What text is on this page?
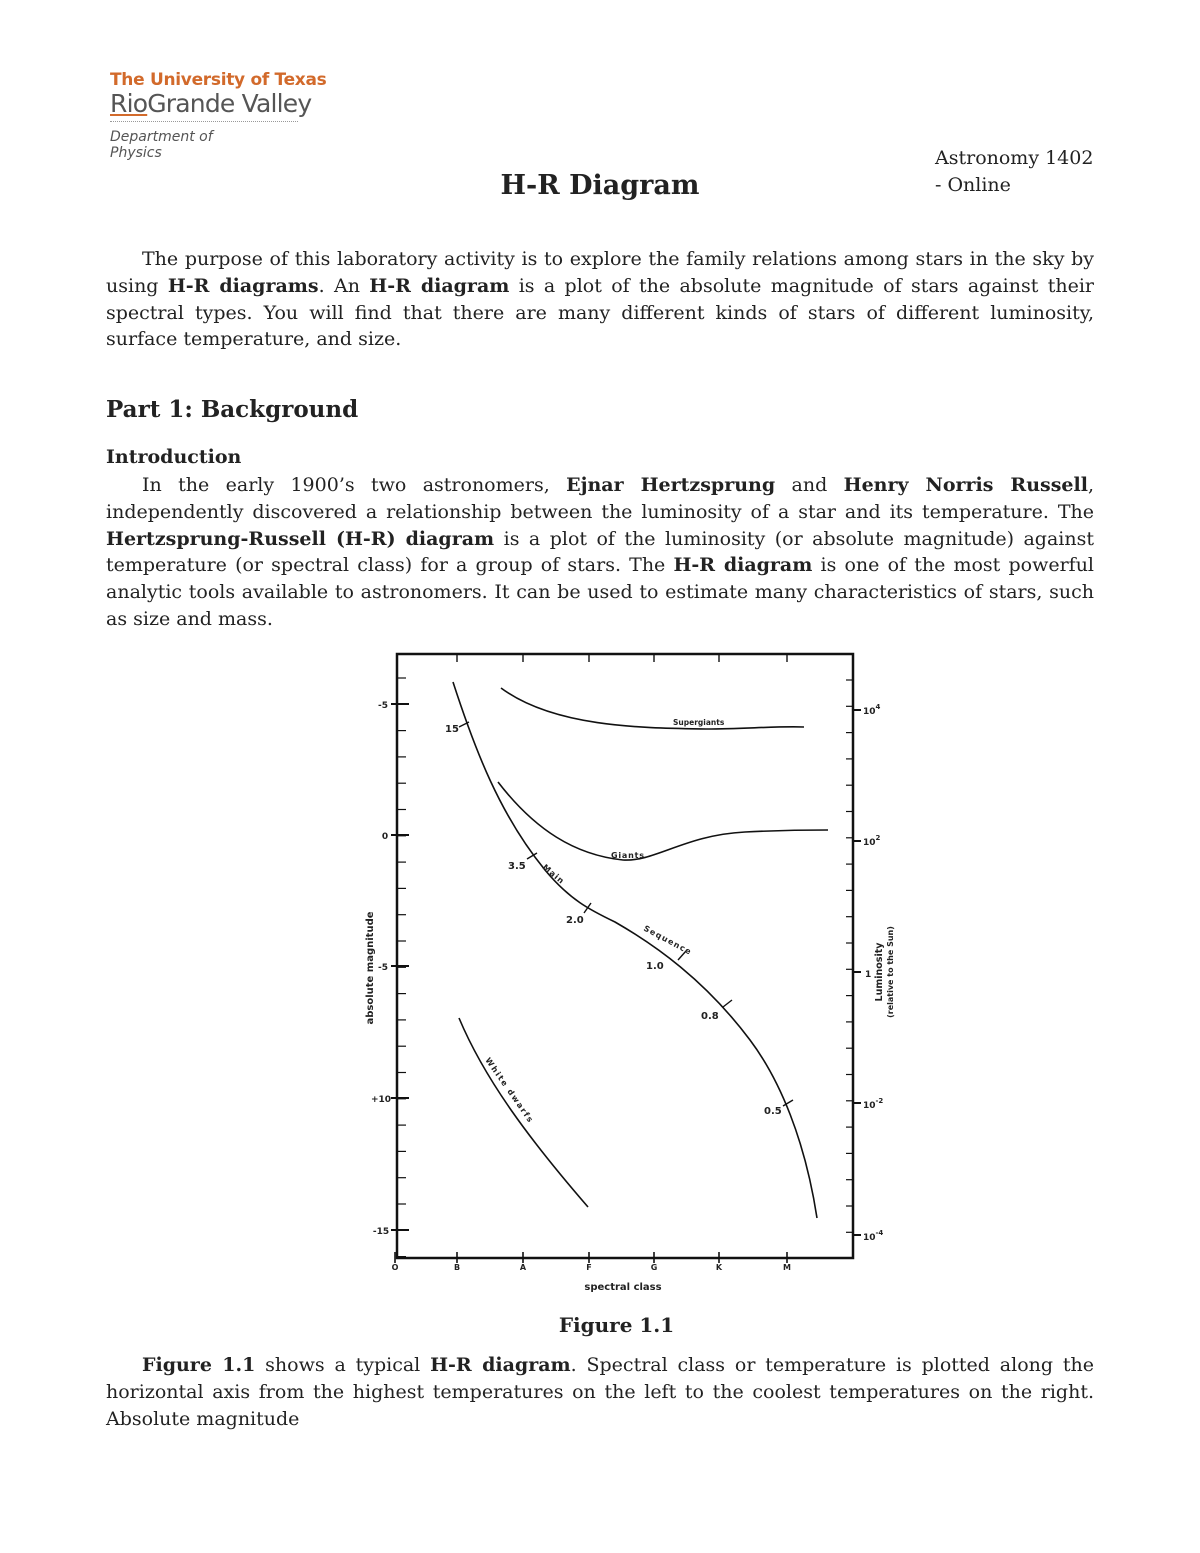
The University of Texas
RioGrande Valley
Department of
Physics	Astronomy 1402
- Online
H-R Diagram
The purpose of this laboratory activity is to explore the family relations among stars in the sky by using H-R diagrams. An H-R diagram is a plot of the absolute magnitude of stars against their spectral types. You will find that there are many different kinds of stars of different luminosity, surface temperature, and size.
Part 1: Background
Introduction
In the early 1900’s two astronomers, Ejnar Hertzsprung and Henry Norris Russell, independently discovered a relationship between the luminosity of a star and its temperature. The Hertzsprung-Russell (H-R) diagram is a plot of the luminosity (or absolute magnitude) against temperature (or spectral class) for a group of stars. The H-R diagram is one of the most powerful analytic tools available to astronomers. It can be used to estimate many characteristics of stars, such as size and mass.
15
3.5
2.0
1.0
0.8
0.5
Supergiants
Giants
Main
Sequence
White dwarfs
-5
0
-5
+10
-15
$10^4$
$10^2$
1
$10^{-2}$
$10^{-4}$
O	B	A	F	G	K	M
spectral class
absolute magnitude	Luminosity (relative to the Sun)
Figure 1.1
Figure 1.1 shows a typical H-R diagram. Spectral class or temperature is plotted along the horizontal axis from the highest temperatures on the left to the coolest temperatures on the right. Absolute magnitude
